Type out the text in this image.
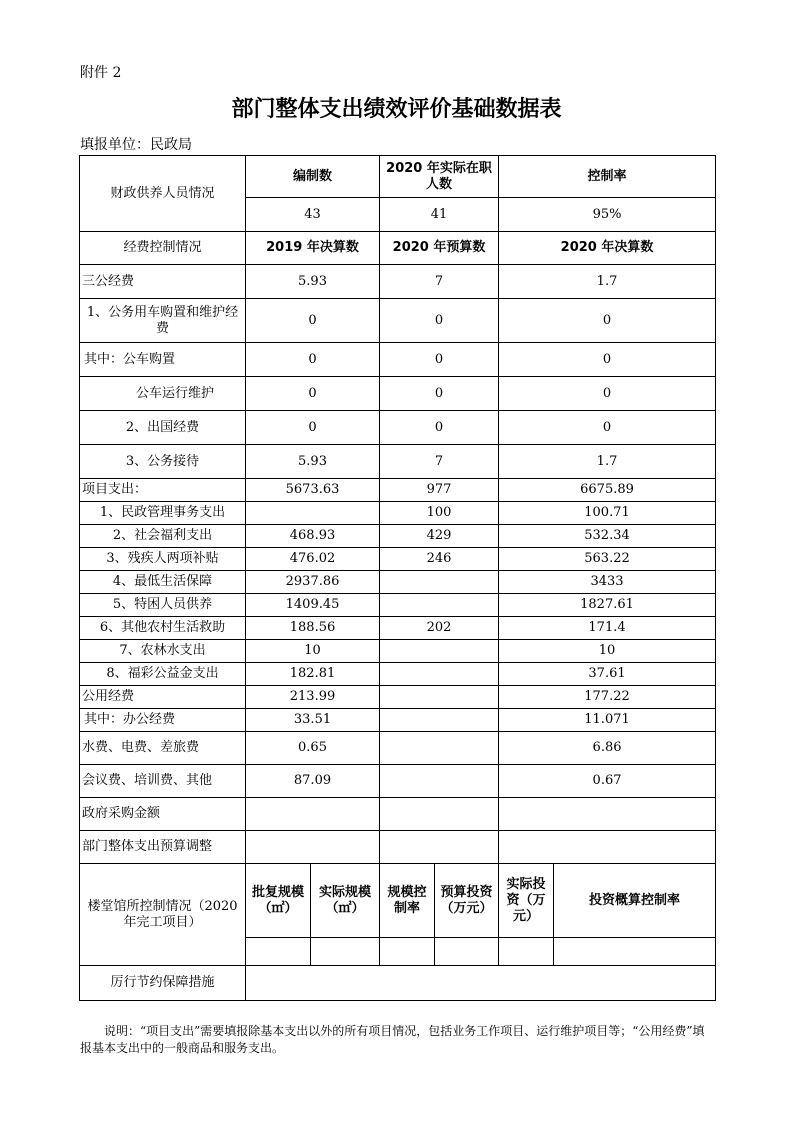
附件 2
部门整体支出绩效评价基础数据表
填报单位：民政局
财政供养人员情况	编制数		2020 年实际在职人数		控制率	
	43		41		95%	
经费控制情况	2019 年决算数		2020 年预算数		2020 年决算数	
三公经费	5.93		7		1.7	
1、公务用车购置和维护经费	0		0		0	
其中：公车购置	0		0		0	
公车运行维护	0		0		0	
2、出国经费	0		0		0	
3、公务接待	5.93		7		1.7	
项目支出：	5673.63		977		6675.89	
1、民政管理事务支出			100		100.71	
2、社会福利支出	468.93		429		532.34	
3、残疾人两项补贴	476.02		246		563.22	
4、最低生活保障	2937.86				3433	
5、特困人员供养	1409.45				1827.61	
6、其他农村生活救助	188.56		202		171.4	
7、农林水支出	10				10	
8、福彩公益金支出	182.81				37.61	
公用经费	213.99				177.22	
其中：办公经费	33.51				11.071	
水费、电费、差旅费	0.65				6.86	
会议费、培训费、其他	87.09				0.67	
政府采购金额						
部门整体支出预算调整						
楼堂馆所控制情况（2020 年完工项目）	批复规模（㎡）	实际规模（㎡）	规模控制率	预算投资（万元）	实际投资（万元）	投资概算控制率

厉行节约保障措施						
说明：“项目支出”需要填报除基本支出以外的所有项目情况，包括业务工作项目、运行维护项目等；“公用经费”填报基本支出中的一般商品和服务支出。
